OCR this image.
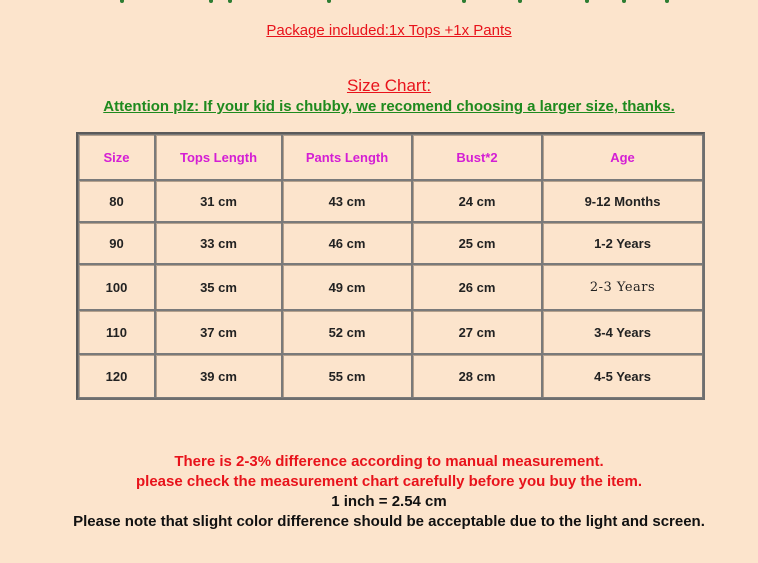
Package included:1x Tops +1x Pants
Size Chart:
Attention plz: If your kid is chubby, we recomend choosing a larger size, thanks.
Size	Tops Length	Pants Length	Bust*2	Age
80	31 cm	43 cm	24 cm	9-12 Months
90	33 cm	46 cm	25 cm	1-2 Years
100	35 cm	49 cm	26 cm	2-3 Years
110	37 cm	52 cm	27 cm	3-4 Years
120	39 cm	55 cm	28 cm	4-5 Years
There is 2-3% difference according to manual measurement.
please check the measurement chart carefully before you buy the item.
1 inch = 2.54 cm
Please note that slight color difference should be acceptable due to the light and screen.
